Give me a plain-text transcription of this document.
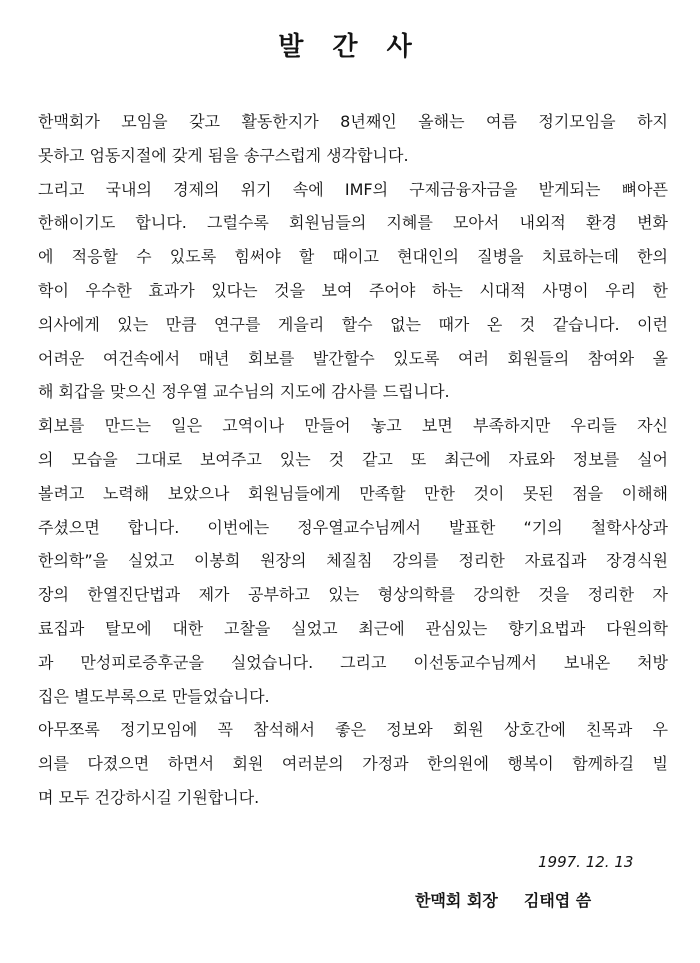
발 간 사
한맥회가 모임을 갖고 활동한지가 8년째인 올해는 여름 정기모임을 하지
못하고 엄동지절에 갖게 됨을 송구스럽게 생각합니다.
그리고 국내의 경제의 위기 속에 IMF의 구제금융자금을 받게되는 뼈아픈
한해이기도 합니다. 그럴수록 회원님들의 지혜를 모아서 내외적 환경 변화
에 적응할 수 있도록 힘써야 할 때이고 현대인의 질병을 치료하는데 한의
학이 우수한 효과가 있다는 것을 보여 주어야 하는 시대적 사명이 우리 한
의사에게 있는 만큼 연구를 게을리 할수 없는 때가 온 것 같습니다. 이런
어려운 여건속에서 매년 회보를 발간할수 있도록 여러 회원들의 참여와 올
해 회갑을 맞으신 정우열 교수님의 지도에 감사를 드립니다.
회보를 만드는 일은 고역이나 만들어 놓고 보면 부족하지만 우리들 자신
의 모습을 그대로 보여주고 있는 것 같고 또 최근에 자료와 정보를 실어
볼려고 노력해 보았으나 회원님들에게 만족할 만한 것이 못된 점을 이해해
주셨으면 합니다. 이번에는 정우열교수님께서 발표한 “기의 철학사상과
한의학”을 실었고 이봉희 원장의 체질침 강의를 정리한 자료집과 장경식원
장의 한열진단법과 제가 공부하고 있는 형상의학를 강의한 것을 정리한 자
료집과 탈모에 대한 고찰을 실었고 최근에 관심있는 향기요법과 다원의학
과 만성피로증후군을 실었습니다. 그리고 이선동교수님께서 보내온 처방
집은 별도부록으로 만들었습니다.
아무쪼록 정기모임에 꼭 참석해서 좋은 정보와 회원 상호간에 친목과 우
의를 다졌으면 하면서 회원 여러분의 가정과 한의원에 행복이 함께하길 빌
며 모두 건강하시길 기원합니다.
1997. 12. 13
한맥회 회장 김태엽 씀
